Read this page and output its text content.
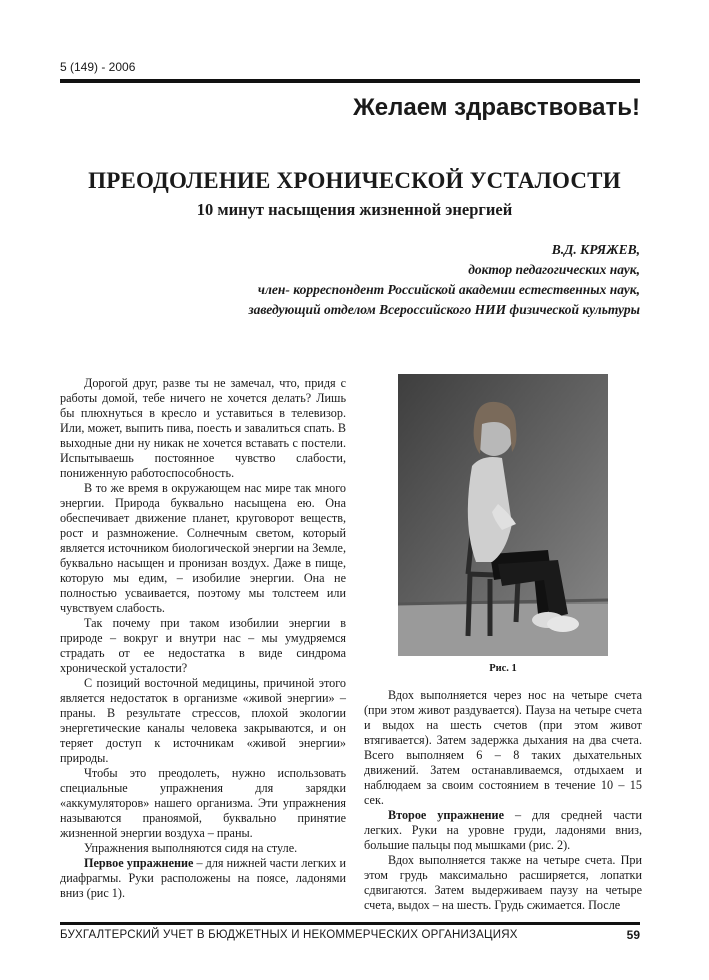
5 (149) - 2006
Желаем здравствовать!
ПРЕОДОЛЕНИЕ ХРОНИЧЕСКОЙ УСТАЛОСТИ
10 минут насыщения жизненной энергией
В.Д. КРЯЖЕВ,
доктор педагогических наук,
член- корреспондент Российской академии естественных наук,
заведующий отделом Всероссийского НИИ физической культуры

Дорогой друг, разве ты не замечал, что, придя с работы домой, тебе ничего не хочется делать? Лишь бы плюхнуться в кресло и уставиться в телевизор. Или, может, выпить пива, поесть и завалиться спать. В выходные дни ну никак не хочется вставать с постели. Испытываешь постоянное чувство слабости, пониженную работоспособность.

В то же время в окружающем нас мире так много энергии. Природа буквально насыщена ею. Она обеспечивает движение планет, круговорот веществ, рост и размножение. Солнечным светом, который является источником биологической энергии на Земле, буквально насыщен и пронизан воздух. Даже в пище, которую мы едим, – изобилие энергии. Она не полностью усваивается, поэтому мы толстеем или чувствуем слабость.

Так почему при таком изобилии энергии в природе – вокруг и внутри нас – мы умудряемся страдать от ее недостатка в виде синдрома хронической усталости?

С позиций восточной медицины, причиной этого является недостаток в организме «живой энергии» – праны. В результате стрессов, плохой экологии энергетические каналы человека закрываются, и он теряет доступ к источникам «живой энергии» природы.

Чтобы это преодолеть, нужно использовать специальные упражнения для зарядки «аккумуляторов» нашего организма. Эти упражнения называются праноямой, буквально принятие жизненной энергии воздуха – праны.

Упражнения выполняются сидя на стуле.

Первое упражнение – для нижней части легких и диафрагмы. Руки расположены на поясе, ладонями вниз (рис 1).

Рис. 1

Вдох выполняется через нос на четыре счета (при этом живот раздувается). Пауза на четыре счета и выдох на шесть счетов (при этом живот втягивается). Затем задержка дыхания на два счета. Всего выполняем 6 – 8 таких дыхательных движений. Затем останавливаемся, отдыхаем и наблюдаем за своим состоянием в течение 10 – 15 сек.

Второе упражнение – для средней части легких. Руки на уровне груди, ладонями вниз, большие пальцы под мышками (рис. 2).

Вдох выполняется также на четыре счета. При этом грудь максимально расширяется, лопатки сдвигаются. Затем выдерживаем паузу на четыре счета, выдох – на шесть. Грудь сжимается. После

БУХГАЛТЕРСКИЙ УЧЕТ В БЮДЖЕТНЫХ И НЕКОММЕРЧЕСКИХ ОРГАНИЗАЦИЯХ	59
